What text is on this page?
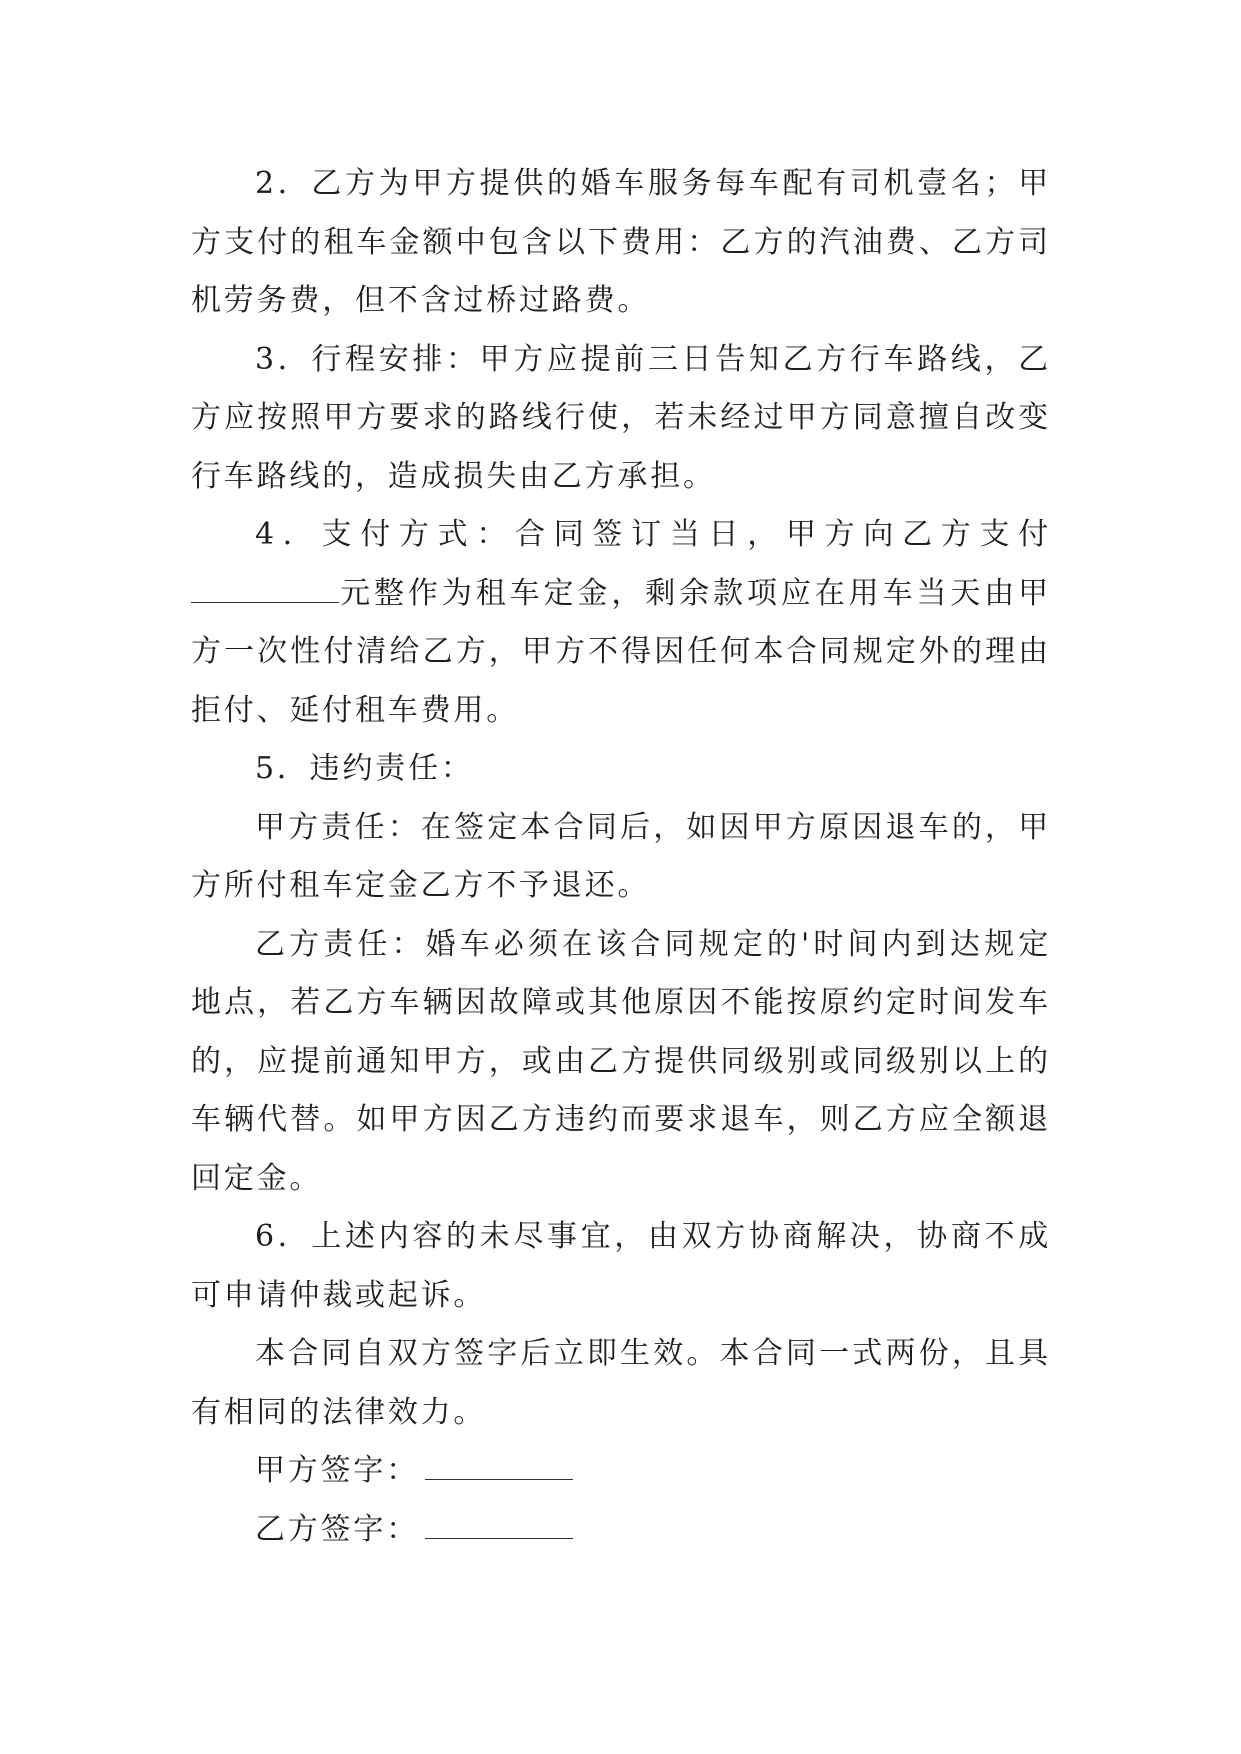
2．乙方为甲方提供的婚车服务每车配有司机壹名；甲方支付的租车金额中包含以下费用：乙方的汽油费、乙方司机劳务费，但不含过桥过路费。

3．行程安排：甲方应提前三日告知乙方行车路线，乙方应按照甲方要求的路线行使，若未经过甲方同意擅自改变行车路线的，造成损失由乙方承担。

4．支付方式：合同签订当日，甲方向乙方支付元整作为租车定金，剩余款项应在用车当天由甲方一次性付清给乙方，甲方不得因任何本合同规定外的理由拒付、延付租车费用。

5．违约责任：

甲方责任：在签定本合同后，如因甲方原因退车的，甲方所付租车定金乙方不予退还。

乙方责任：婚车必须在该合同规定的'时间内到达规定地点，若乙方车辆因故障或其他原因不能按原约定时间发车的，应提前通知甲方，或由乙方提供同级别或同级别以上的车辆代替。如甲方因乙方违约而要求退车，则乙方应全额退回定金。

6．上述内容的未尽事宜，由双方协商解决，协商不成可申请仲裁或起诉。

本合同自双方签字后立即生效。本合同一式两份，且具有相同的法律效力。

甲方签字：

乙方签字：
